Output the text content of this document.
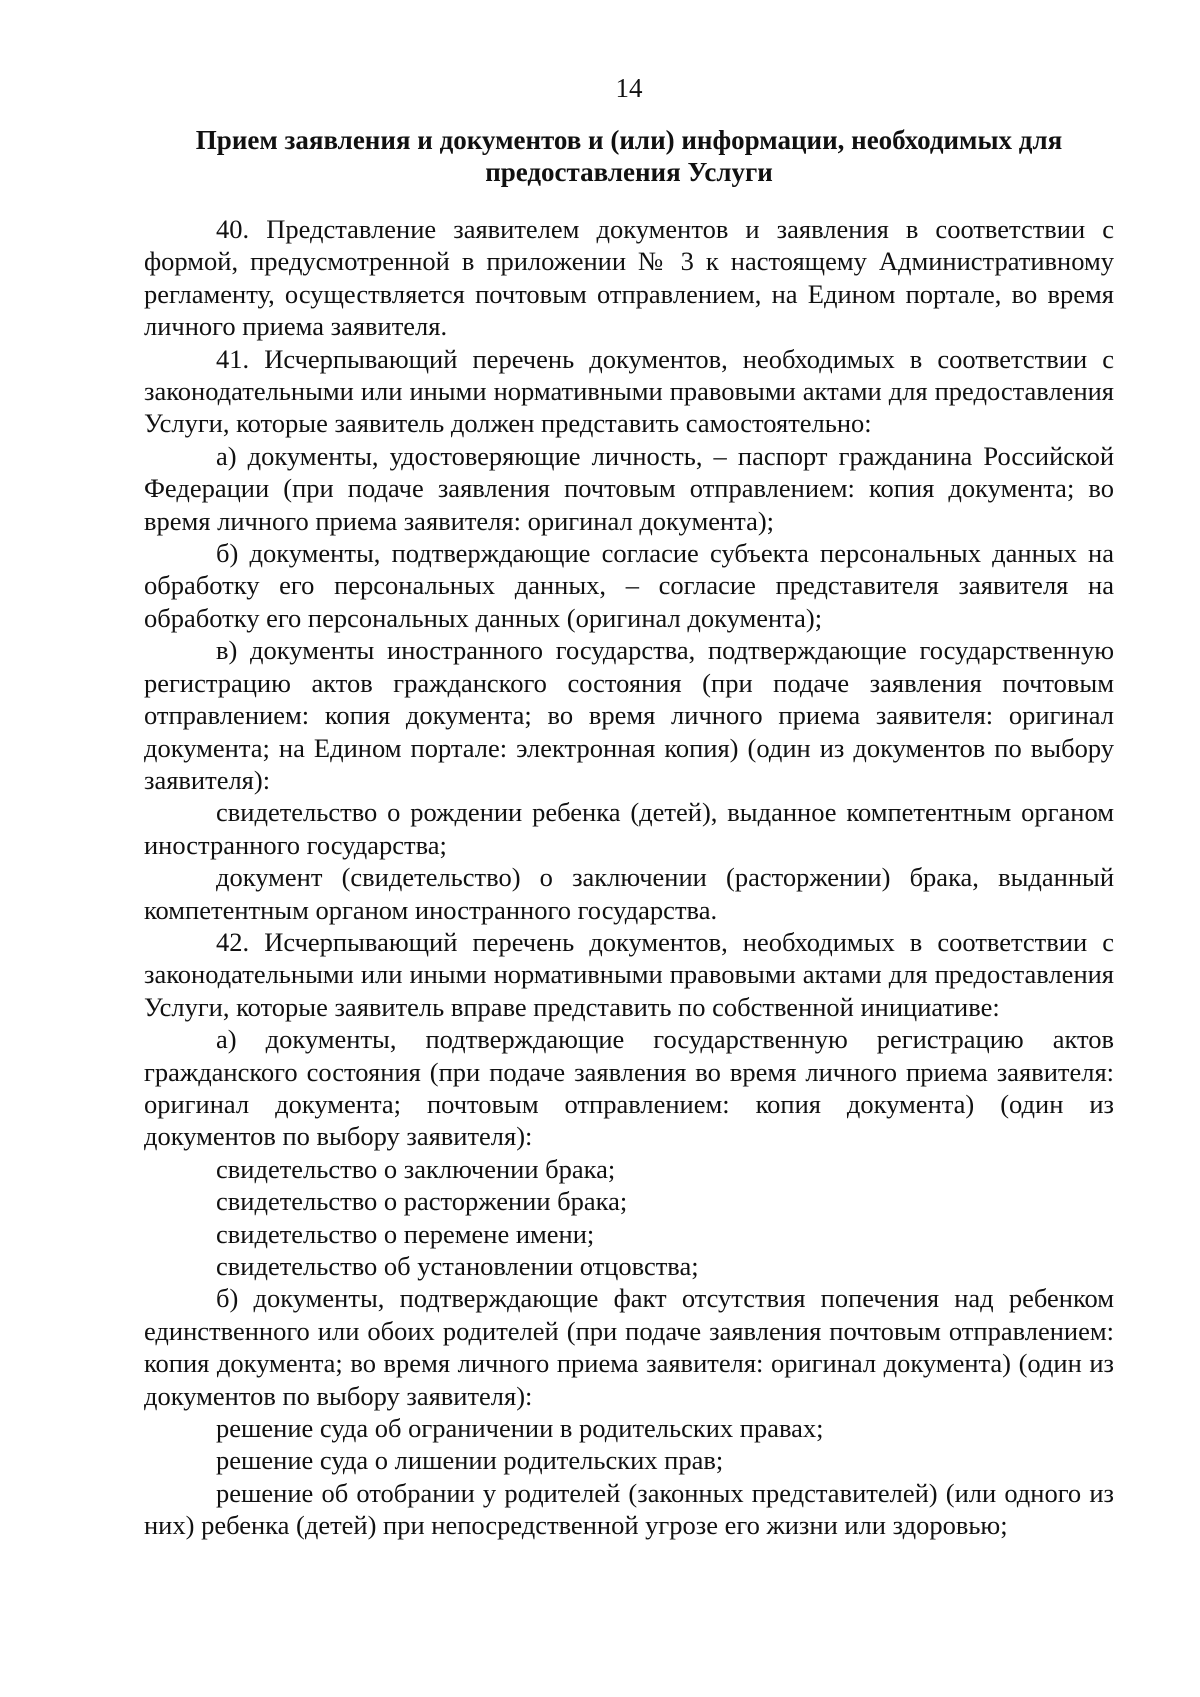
14
Прием заявления и документов и (или) информации, необходимых для
предоставления Услуги

40. Представление заявителем документов и заявления в соответствии с формой, предусмотренной в приложении № 3 к настоящему Административному регламенту, осуществляется почтовым отправлением, на Едином портале, во время личного приема заявителя.

41. Исчерпывающий перечень документов, необходимых в соответствии с законодательными или иными нормативными правовыми актами для предоставления Услуги, которые заявитель должен представить самостоятельно:

а) документы, удостоверяющие личность, – паспорт гражданина Российской Федерации (при подаче заявления почтовым отправлением: копия документа; во время личного приема заявителя: оригинал документа);

б) документы, подтверждающие согласие субъекта персональных данных на обработку его персональных данных, – согласие представителя заявителя на обработку его персональных данных (оригинал документа);

в) документы иностранного государства, подтверждающие государственную регистрацию актов гражданского состояния (при подаче заявления почтовым отправлением: копия документа; во время личного приема заявителя: оригинал документа; на Едином портале: электронная копия) (один из документов по выбору заявителя):

свидетельство о рождении ребенка (детей), выданное компетентным органом иностранного государства;

документ (свидетельство) о заключении (расторжении) брака, выданный компетентным органом иностранного государства.

42. Исчерпывающий перечень документов, необходимых в соответствии с законодательными или иными нормативными правовыми актами для предоставления Услуги, которые заявитель вправе представить по собственной инициативе:

а) документы, подтверждающие государственную регистрацию актов гражданского состояния (при подаче заявления во время личного приема заявителя: оригинал документа; почтовым отправлением: копия документа) (один из документов по выбору заявителя):

свидетельство о заключении брака;

свидетельство о расторжении брака;

свидетельство о перемене имени;

свидетельство об установлении отцовства;

б) документы, подтверждающие факт отсутствия попечения над ребенком единственного или обоих родителей (при подаче заявления почтовым отправлением: копия документа; во время личного приема заявителя: оригинал документа) (один из документов по выбору заявителя):

решение суда об ограничении в родительских правах;

решение суда о лишении родительских прав;

решение об отобрании у родителей (законных представителей) (или одного из них) ребенка (детей) при непосредственной угрозе его жизни или здоровью;
